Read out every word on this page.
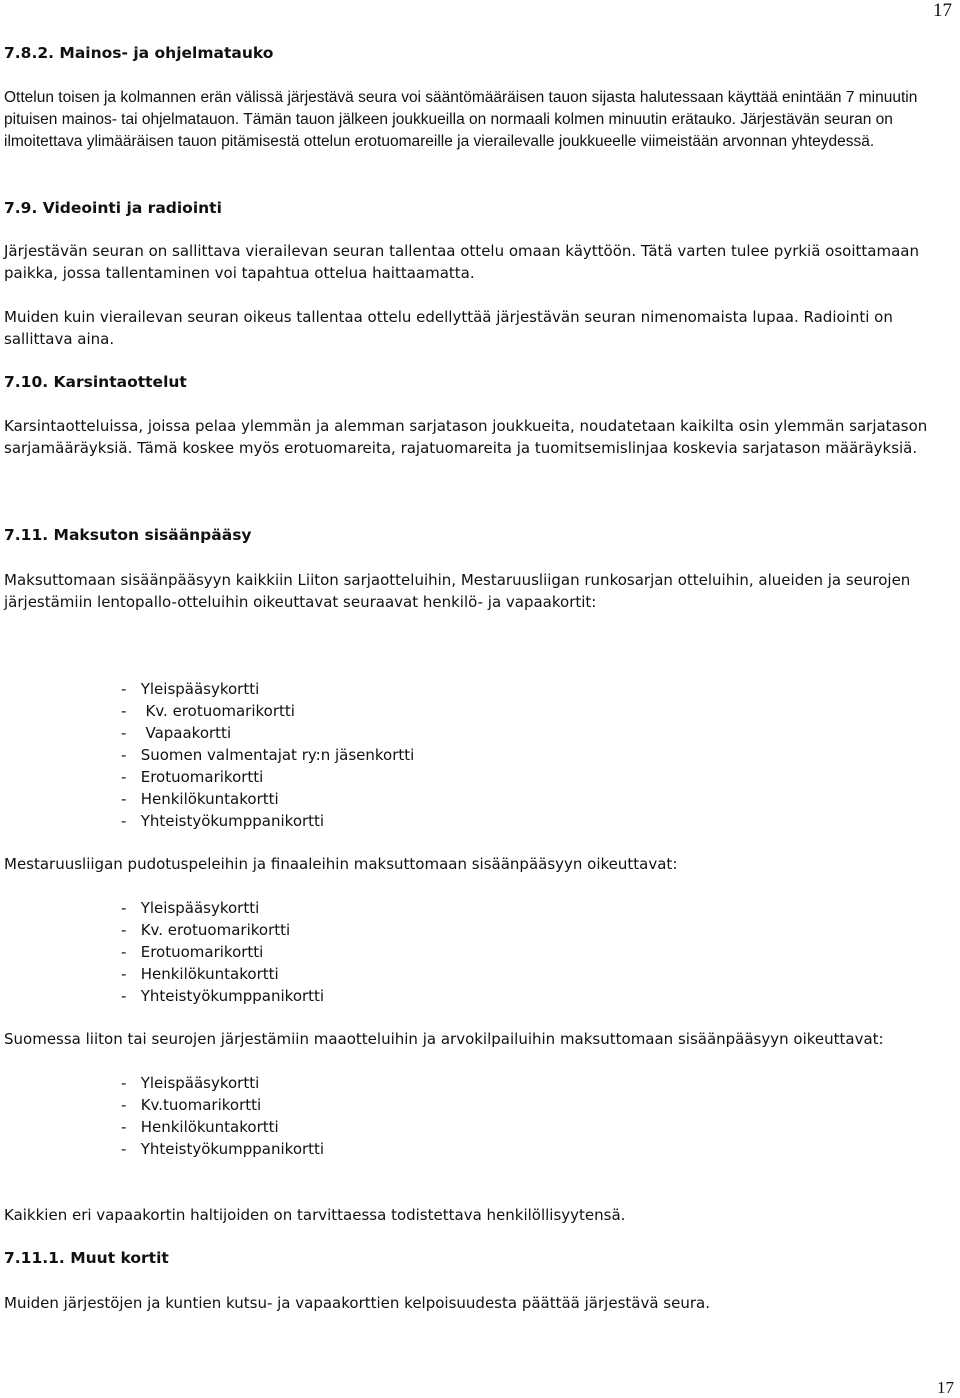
17
7.8.2. Mainos- ja ohjelmatauko

Ottelun toisen ja kolmannen erän välissä järjestävä seura voi sääntömääräisen tauon sijasta halutessaan käyttää enintään 7 minuutin pituisen mainos- tai ohjelmatauon. Tämän tauon jälkeen joukkueilla on normaali kolmen minuutin erätauko. Järjestävän seuran on ilmoitettava ylimääräisen tauon pitämisestä ottelun erotuomareille ja vierailevalle joukkueelle viimeistään arvonnan yhteydessä.

7.9. Videointi ja radiointi

Järjestävän seuran on sallittava vierailevan seuran tallentaa ottelu omaan käyttöön. Tätä varten tulee pyrkiä osoittamaan paikka, jossa tallentaminen voi tapahtua ottelua haittaamatta.

Muiden kuin vierailevan seuran oikeus tallentaa ottelu edellyttää järjestävän seuran nimenomaista lupaa. Radiointi on sallittava aina.

7.10. Karsintaottelut

Karsintaotteluissa, joissa pelaa ylemmän ja alemman sarjatason joukkueita, noudatetaan kaikilta osin ylemmän sarjatason sarjamääräyksiä. Tämä koskee myös erotuomareita, rajatuomareita ja tuomitsemislinjaa koskevia sarjatason määräyksiä.

7.11. Maksuton sisäänpääsy

Maksuttomaan sisäänpääsyyn kaikkiin Liiton sarjaotteluihin, Mestaruusliigan runkosarjan otteluihin, alueiden ja seurojen järjestämiin lentopallo-otteluihin oikeuttavat seuraavat henkilö- ja vapaakortit:

-   Yleispääsykortti
-    Kv. erotuomarikortti
-    Vapaakortti
-   Suomen valmentajat ry:n jäsenkortti
-   Erotuomarikortti
-   Henkilökuntakortti
-   Yhteistyökumppanikortti

Mestaruusliigan pudotuspeleihin ja finaaleihin maksuttomaan sisäänpääsyyn oikeuttavat:

-   Yleispääsykortti
-   Kv. erotuomarikortti
-   Erotuomarikortti
-   Henkilökuntakortti
-   Yhteistyökumppanikortti

Suomessa liiton tai seurojen järjestämiin maaotteluihin ja arvokilpailuihin maksuttomaan sisäänpääsyyn oikeuttavat:

-   Yleispääsykortti
-   Kv.tuomarikortti
-   Henkilökuntakortti
-   Yhteistyökumppanikortti

Kaikkien eri vapaakortin haltijoiden on tarvittaessa todistettava henkilöllisyytensä.

7.11.1. Muut kortit

Muiden järjestöjen ja kuntien kutsu- ja vapaakorttien kelpoisuudesta päättää järjestävä seura.

17
